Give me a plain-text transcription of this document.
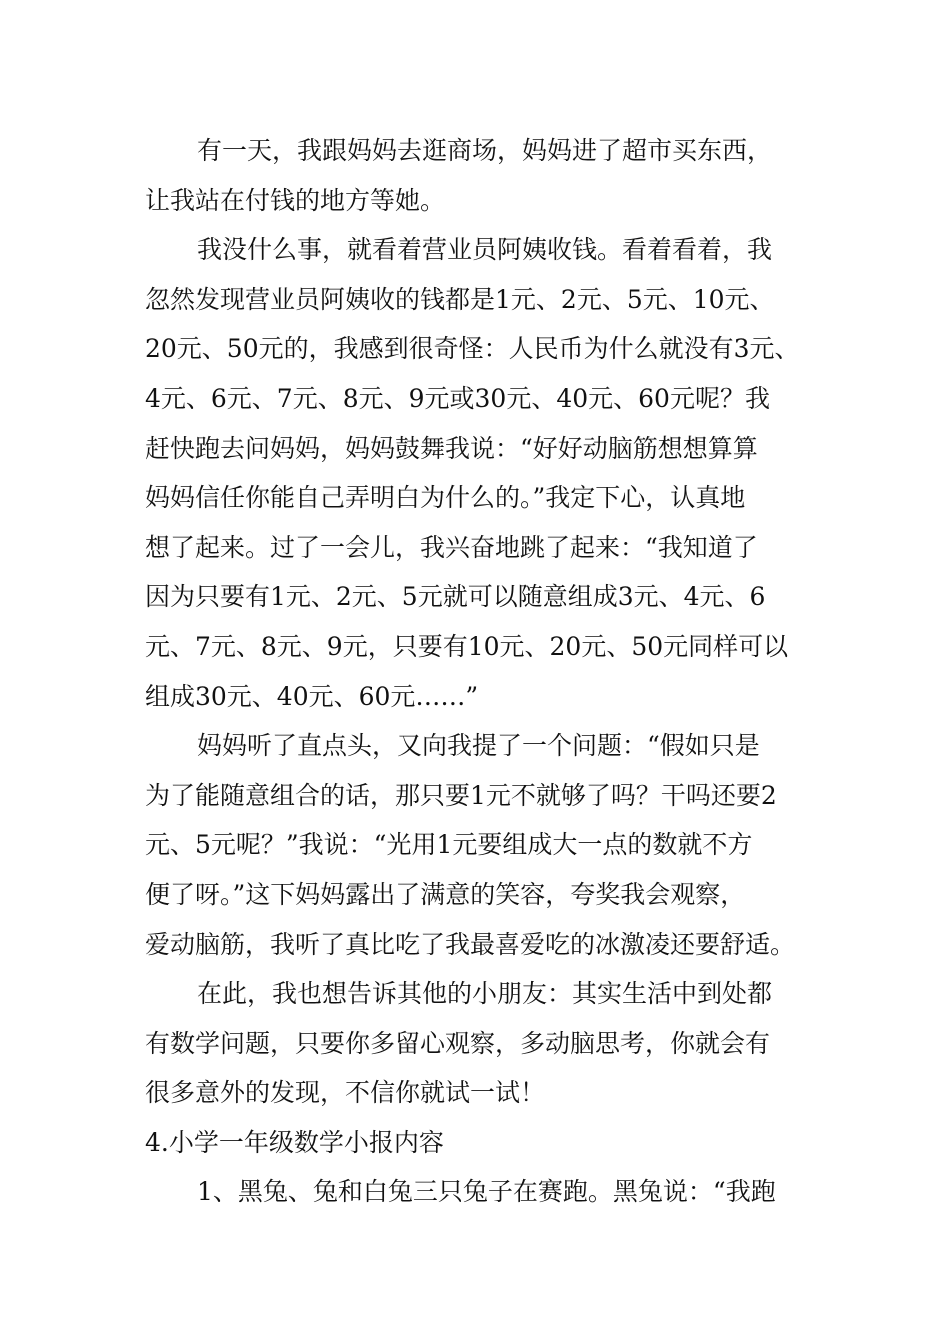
有一天，我跟妈妈去逛商场，妈妈进了超市买东西，
让我站在付钱的地方等她。
我没什么事，就看着营业员阿姨收钱。看着看着，我
忽然发现营业员阿姨收的钱都是1元、2元、5元、10元、
20元、50元的，我感到很奇怪：人民币为什么就没有3元、
4元、6元、7元、8元、9元或30元、40元、60元呢？我
赶快跑去问妈妈，妈妈鼓舞我说：“好好动脑筋想想算算
妈妈信任你能自己弄明白为什么的。”我定下心，认真地
想了起来。过了一会儿，我兴奋地跳了起来：“我知道了
因为只要有1元、2元、5元就可以随意组成3元、4元、6
元、7元、8元、9元，只要有10元、20元、50元同样可以
组成30元、40元、60元……”
妈妈听了直点头，又向我提了一个问题：“假如只是
为了能随意组合的话，那只要1元不就够了吗？干吗还要2
元、5元呢？”我说：“光用1元要组成大一点的数就不方
便了呀。”这下妈妈露出了满意的笑容，夸奖我会观察，
爱动脑筋，我听了真比吃了我最喜爱吃的冰激凌还要舒适。
在此，我也想告诉其他的小朋友：其实生活中到处都
有数学问题，只要你多留心观察，多动脑思考，你就会有
很多意外的发现，不信你就试一试！
4.小学一年级数学小报内容
1、黑兔、兔和白兔三只兔子在赛跑。黑兔说：“我跑
